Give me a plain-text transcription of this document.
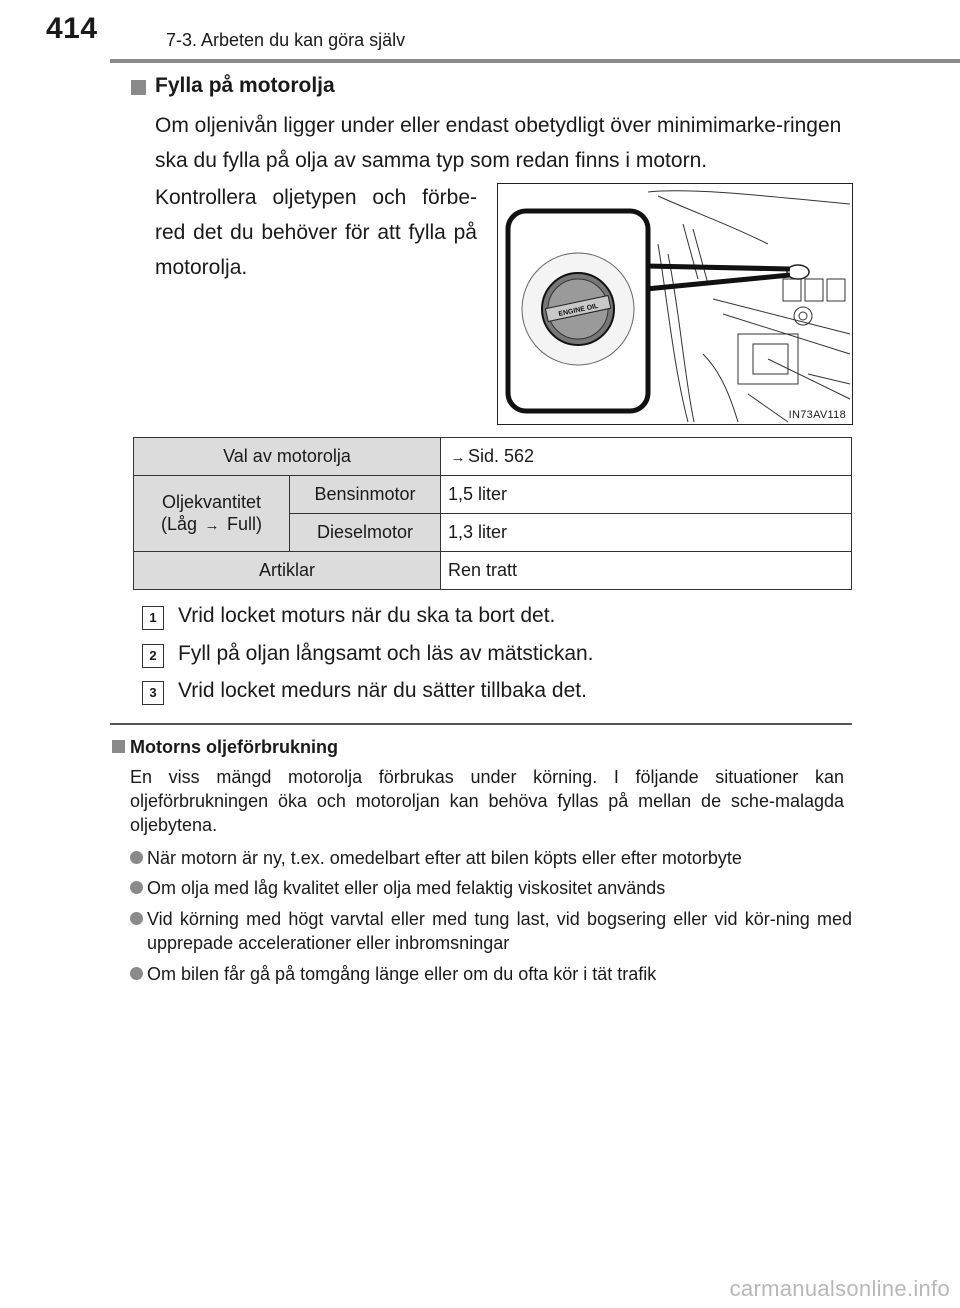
414	7-3. Arbeten du kan göra själv
Fylla på motorolja
Om oljenivån ligger under eller endast obetydligt över minimimarke-ringen ska du fylla på olja av samma typ som redan finns i motorn.
Kontrollera oljetypen och förbe-red det du behöver för att fylla på motorolja.
ENGINE OIL
IN73AV118
Val av motorolja		→ Sid. 562

Oljekvantitet
(Låg → Full)	Bensinmotor	1,5 liter
	Dieselmotor	1,3 liter
Artiklar		Ren tratt
1	Vrid locket moturs när du ska ta bort det.
2	Fyll på oljan långsamt och läs av mätstickan.
3	Vrid locket medurs när du sätter tillbaka det.
Motorns oljeförbrukning
En viss mängd motorolja förbrukas under körning. I följande situationer kan oljeförbrukningen öka och motoroljan kan behöva fyllas på mellan de sche-malagda oljebytena.
När motorn är ny, t.ex. omedelbart efter att bilen köpts eller efter motorbyte
Om olja med låg kvalitet eller olja med felaktig viskositet används
Vid körning med högt varvtal eller med tung last, vid bogsering eller vid kör-ning med upprepade accelerationer eller inbromsningar
Om bilen får gå på tomgång länge eller om du ofta kör i tät trafik
carmanualsonline.info
